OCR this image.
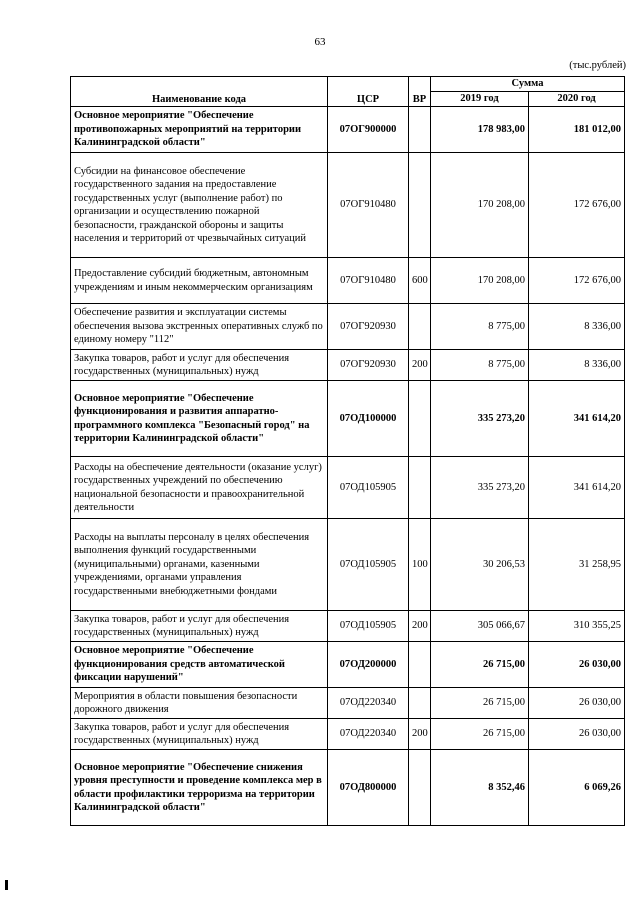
63
(тыс.рублей)
Наименование кода	ЦСР	ВР	Сумма	
			2019 год	2020 год
Основное мероприятие "Обеспечение противопожарных мероприятий на территории Калининградской области"	07ОГ900000		178 983,00	181 012,00
Субсидии на финансовое обеспечение государственного задания на предоставление государственных услуг (выполнение работ) по организации и осуществлению пожарной безопасности, гражданской обороны и защиты населения и территорий от чрезвычайных ситуаций	07ОГ910480		170 208,00	172 676,00
Предоставление субсидий бюджетным, автономным учреждениям и иным некоммерческим организациям	07ОГ910480	600	170 208,00	172 676,00
Обеспечение развития и эксплуатации системы обеспечения вызова экстренных оперативных служб по единому номеру "112"	07ОГ920930		8 775,00	8 336,00
Закупка товаров, работ и услуг для обеспечения государственных (муниципальных) нужд	07ОГ920930	200	8 775,00	8 336,00
Основное мероприятие "Обеспечение функционирования и развития аппаратно-программного комплекса "Безопасный город" на территории Калининградской области"	07ОД100000		335 273,20	341 614,20
Расходы на обеспечение деятельности (оказание услуг) государственных учреждений по обеспечению национальной безопасности и правоохранительной деятельности	07ОД105905		335 273,20	341 614,20
Расходы на выплаты персоналу в целях обеспечения выполнения функций государственными (муниципальными) органами, казенными учреждениями, органами управления государственными внебюджетными фондами	07ОД105905	100	30 206,53	31 258,95
Закупка товаров, работ и услуг для обеспечения государственных (муниципальных) нужд	07ОД105905	200	305 066,67	310 355,25
Основное мероприятие "Обеспечение функционирования средств автоматической фиксации нарушений"	07ОД200000		26 715,00	26 030,00
Мероприятия в области повышения безопасности дорожного движения	07ОД220340		26 715,00	26 030,00
Закупка товаров, работ и услуг для обеспечения государственных (муниципальных) нужд	07ОД220340	200	26 715,00	26 030,00
Основное мероприятие "Обеспечение снижения уровня преступности и проведение комплекса мер в области профилактики терроризма на территории Калининградской области"	07ОД800000		8 352,46	6 069,26
